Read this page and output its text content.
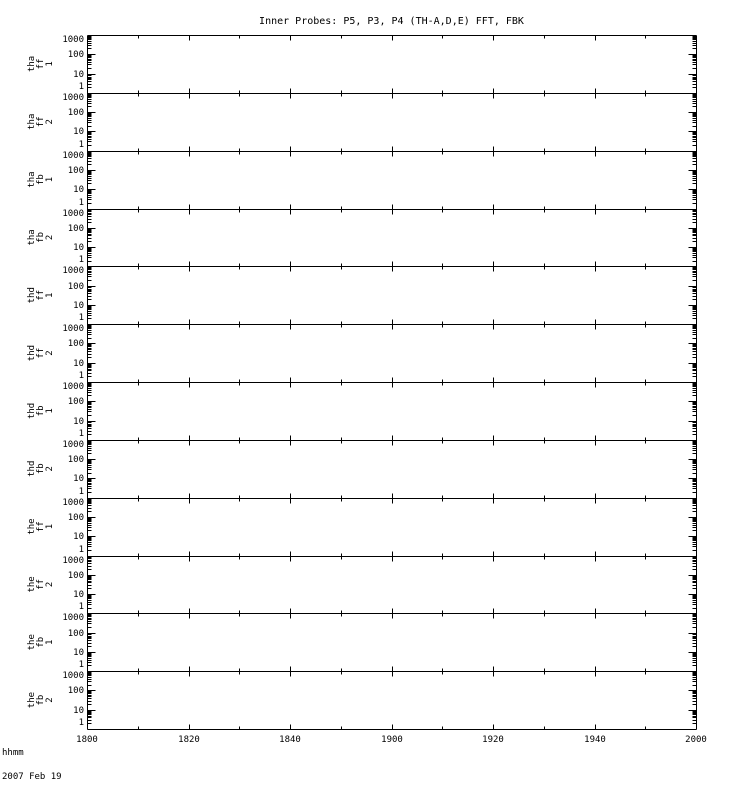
Inner Probes: P5, P3, P4 (TH-A,D,E) FFT, FBK
tha
ff
1
tha ff 2
tha fb 1
tha fb 2
thd ff 1
thd ff 2
thd fb 1
thd fb 2
the ff 1
the ff 2
the fb 1
the fb 2
1000
100
10
1
1000
100
10
1
1000
100
10
1
1000
100
10
1
1000
100
10
1
1000
100
10
1
1000
100
10
1
1000
100
10
1
1000
100
10
1
1000
100
10
1
1000
100
10
1
1000
100
10
1
1800	1820	1840	1900	1920	1940	2000

hhmm

2007 Feb 19
